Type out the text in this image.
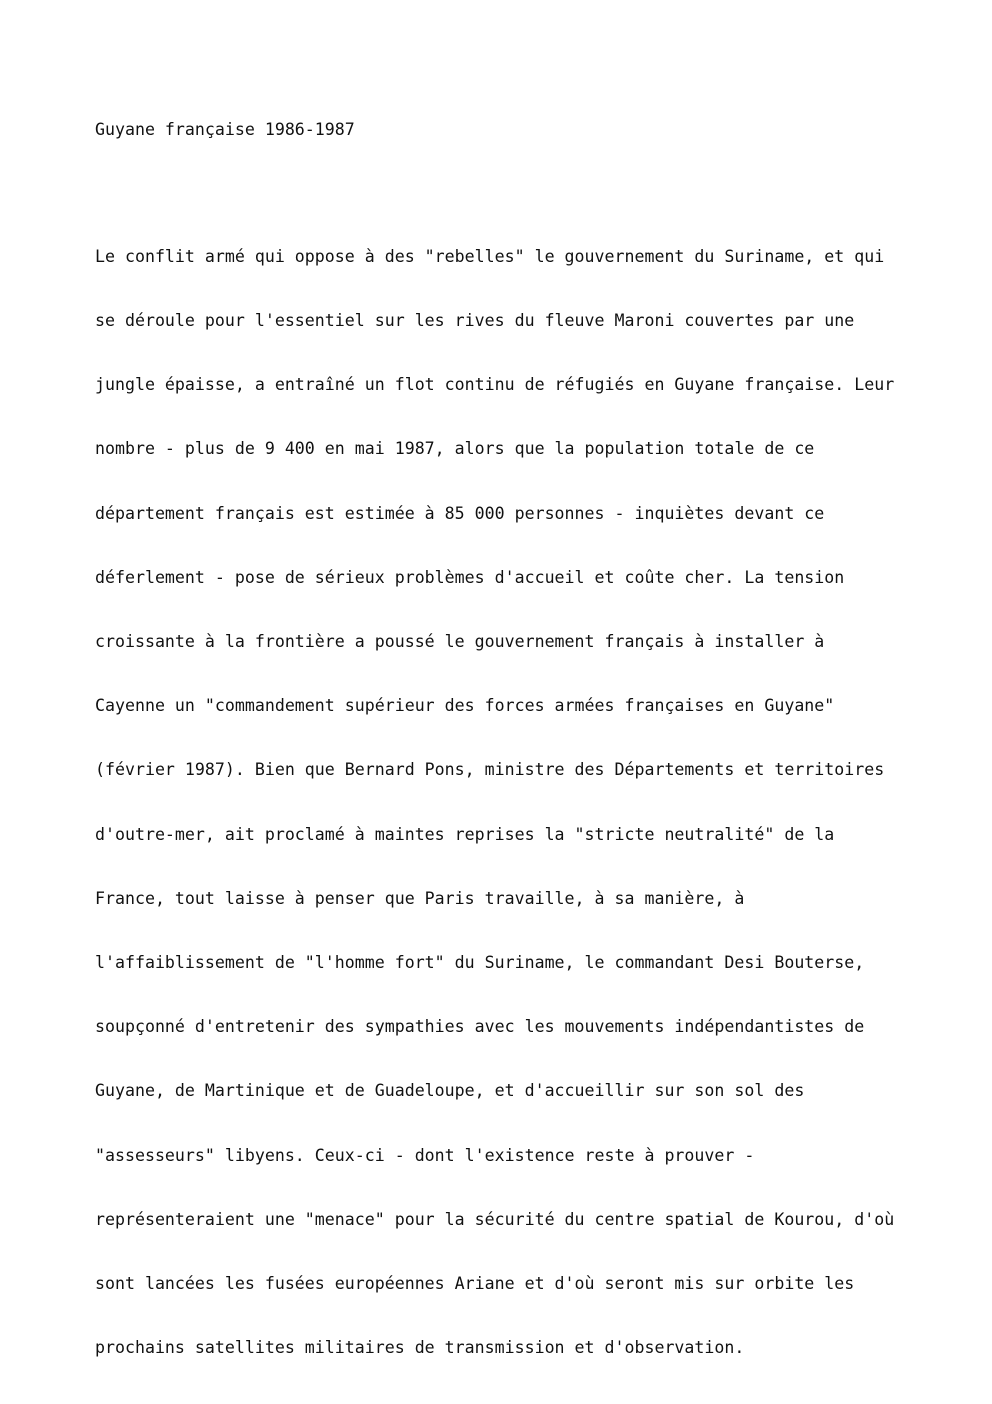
Guyane française 1986-1987

Le conflit armé qui oppose à des "rebelles" le gouvernement du Suriname, et qui

se déroule pour l'essentiel sur les rives du fleuve Maroni couvertes par une

jungle épaisse, a entraîné un flot continu de réfugiés en Guyane française. Leur

nombre - plus de 9 400 en mai 1987, alors que la population totale de ce

département français est estimée à 85 000 personnes - inquiètes devant ce

déferlement - pose de sérieux problèmes d'accueil et coûte cher. La tension

croissante à la frontière a poussé le gouvernement français à installer à

Cayenne un "commandement supérieur des forces armées françaises en Guyane"

(février 1987). Bien que Bernard Pons, ministre des Départements et territoires

d'outre-mer, ait proclamé à maintes reprises la "stricte neutralité" de la

France, tout laisse à penser que Paris travaille, à sa manière, à

l'affaiblissement de "l'homme fort" du Suriname, le commandant Desi Bouterse,

soupçonné d'entretenir des sympathies avec les mouvements indépendantistes de

Guyane, de Martinique et de Guadeloupe, et d'accueillir sur son sol des

"assesseurs" libyens. Ceux-ci - dont l'existence reste à prouver -

représenteraient une "menace" pour la sécurité du centre spatial de Kourou, d'où

sont lancées les fusées européennes Ariane et d'où seront mis sur orbite les

prochains satellites militaires de transmission et d'observation.
